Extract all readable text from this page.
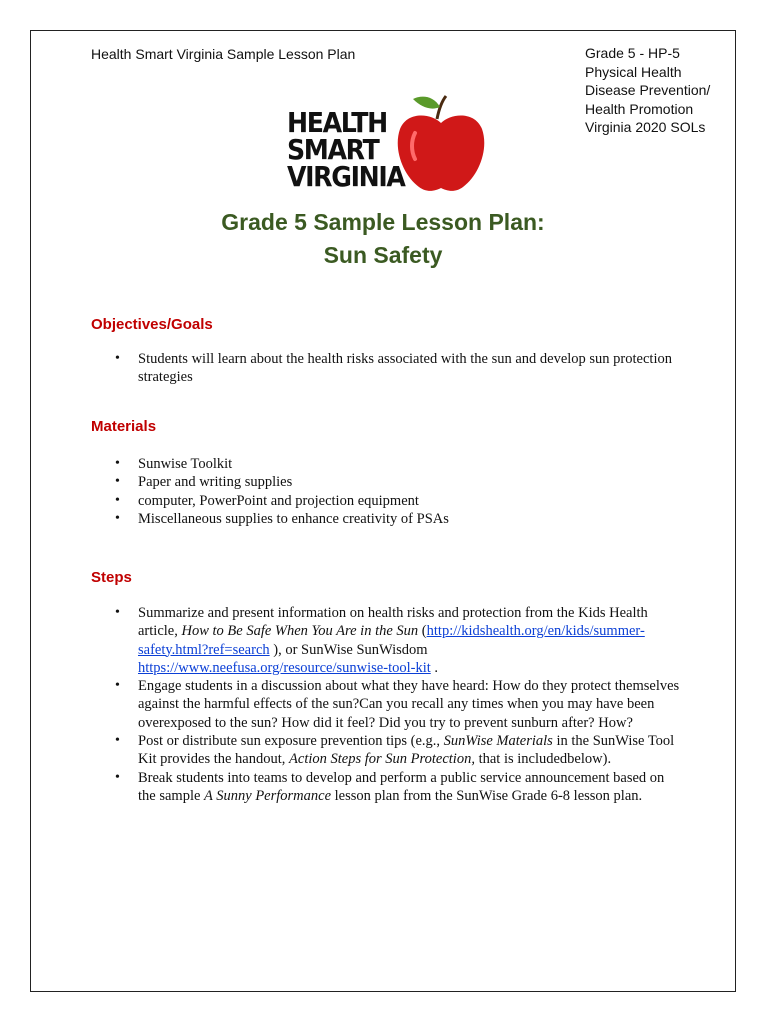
Health Smart Virginia Sample Lesson Plan	Grade 5 - HP-5
Physical Health
Disease Prevention/
Health Promotion
Virginia 2020 SOLs
HEALTH
SMART
VIRGINIA
Grade 5 Sample Lesson Plan:
Sun Safety
Objectives/Goals
• Students will learn about the health risks associated with the sun and develop sun protection strategies
Materials
• Sunwise Toolkit
• Paper and writing supplies
• computer, PowerPoint and projection equipment
• Miscellaneous supplies to enhance creativity of PSAs
Steps
• Summarize and present information on health risks and protection from the Kids Health article, How to Be Safe When You Are in the Sun (http://kidshealth.org/en/kids/summer- safety.html?ref=search ), or SunWise SunWisdom https://www.neefusa.org/resource/sunwise-tool-kit .
• Engage students in a discussion about what they have heard: How do they protect themselves against the harmful effects of the sun?Can you recall any times when you may have been overexposed to the sun? How did it feel? Did you try to prevent sunburn after? How?
• Post or distribute sun exposure prevention tips (e.g., SunWise Materials in the SunWise Tool Kit provides the handout, Action Steps for Sun Protection, that is includedbelow).
• Break students into teams to develop and perform a public service announcement based on the sample A Sunny Performance lesson plan from the SunWise Grade 6-8 lesson plan.
